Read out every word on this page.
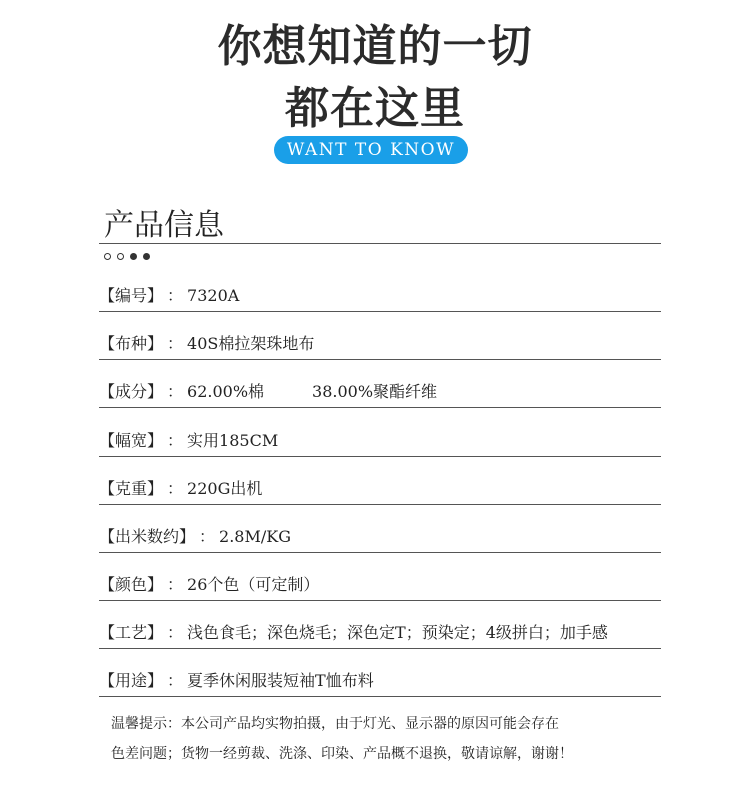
你想知道的一切
都在这里
WANT TO KNOW
产品信息
【编号】 ： 7320A
【布种】 ： 40S棉拉架珠地布
【成分】 ： 62.00%棉	38.00%聚酯纤维
【幅宽】 ： 实用185CM
【克重】 ： 220G出机
【出米数约】 ： 2.8M/KG
【颜色】 ： 26个色（可定制）
【工艺】 ： 浅色食毛；深色烧毛；深色定T；预染定；4级拼白；加手感
【用途】 ： 夏季休闲服装短袖T恤布料
温馨提示：本公司产品均实物拍摄，由于灯光、显示器的原因可能会存在
色差问题；货物一经剪裁、洗涤、印染、产品概不退换，敬请谅解，谢谢！
